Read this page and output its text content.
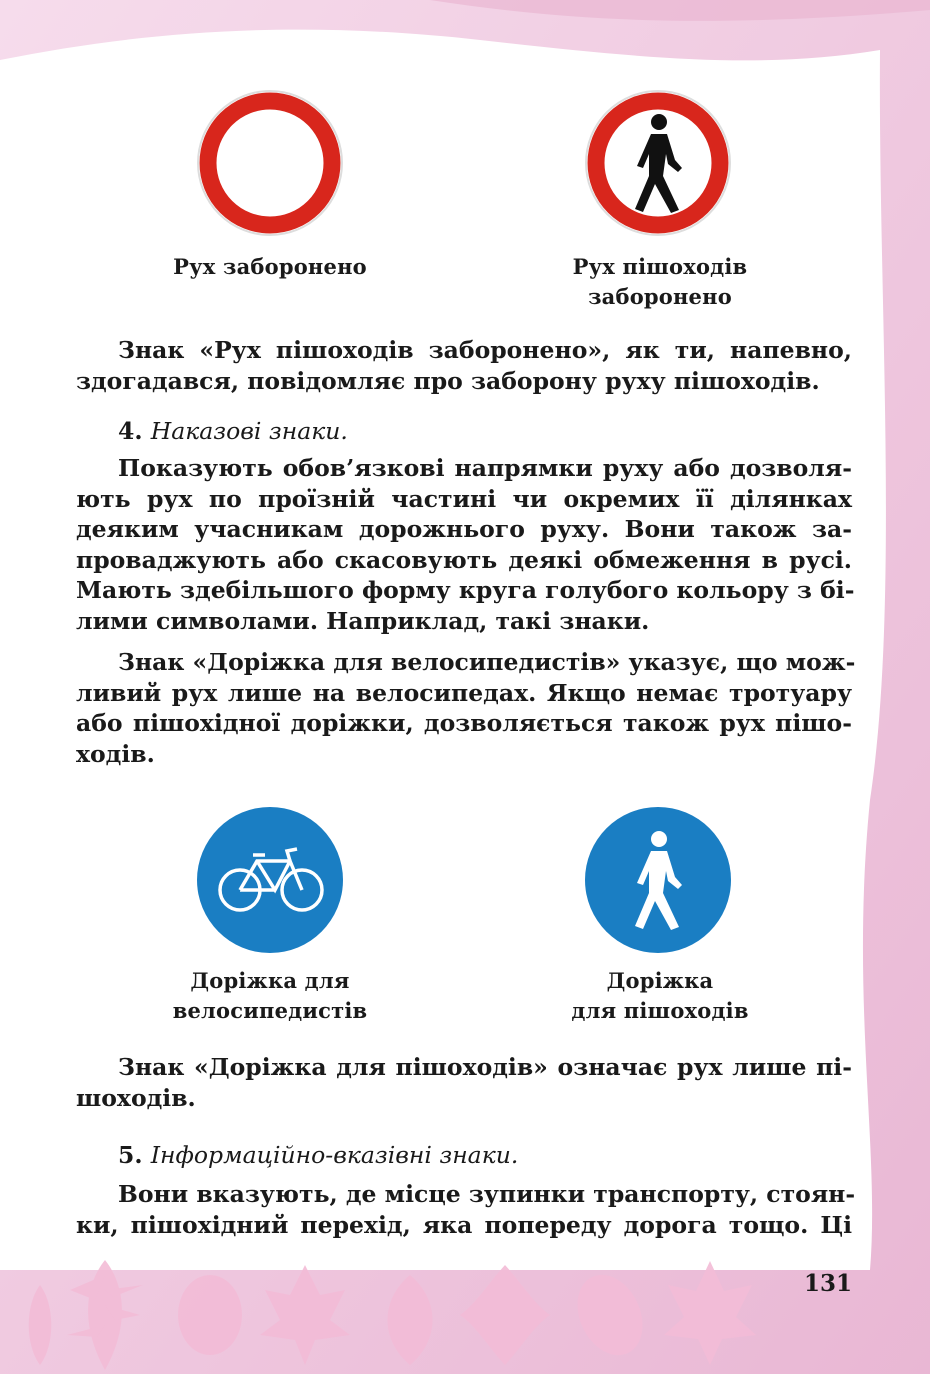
Рух заборонено	Рух пішоходів
заборонено
Знак «Рух пішоходів заборонено», як ти, напевно,
здогадався, повідомляє про заборону руху пішоходів.
4. Наказові знаки.
Показують обов’язкові напрямки руху або дозволя-
ють рух по проїзній частині чи окремих її ділянках
деяким учасникам дорожнього руху. Вони також за-
проваджують або скасовують деякі обмеження в русі.
Мають здебільшого форму круга голубого кольору з бі-
лими символами. Наприклад, такі знаки.
Знак «Доріжка для велосипедистів» указує, що мож-
ливий рух лише на велосипедах. Якщо немає тротуару
або пішохідної доріжки, дозволяється також рух пішо-
ходів.
Доріжка для
велосипедистів
Доріжка
для пішоходів
Знак «Доріжка для пішоходів» означає рух лише пі-
шоходів.
5. Інформаційно-вказівні знаки.
Вони вказують, де місце зупинки транспорту, стоян-
ки, пішохідний перехід, яка попереду дорога тощо. Ці
131
